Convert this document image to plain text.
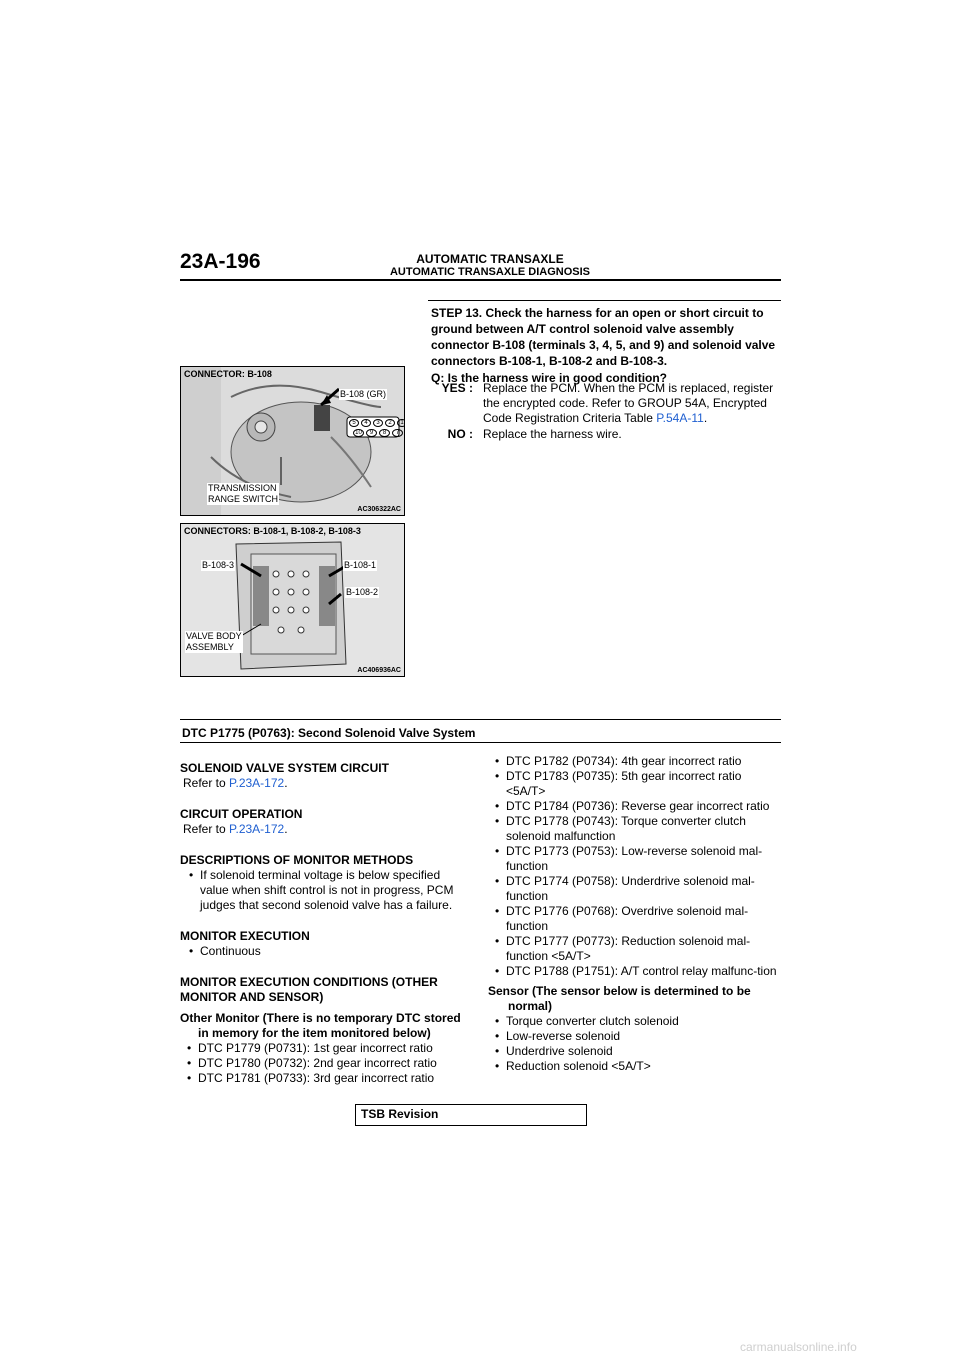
23A-196	AUTOMATIC TRANSAXLE
AUTOMATIC TRANSAXLE DIAGNOSIS
STEP 13. Check the harness for an open or short circuit to ground between A/T control solenoid valve assembly connector B-108 (terminals 3, 4, 5, and 9) and solenoid valve connectors B-108-1, B-108-2 and B-108-3.
Q: Is the harness wire in good condition?
YES : Replace the PCM. When the PCM is replaced, register the encrypted code. Refer to GROUP 54A, Encrypted Code Registration Criteria Table P.54A-11.
NO : Replace the harness wire.
CONNECTOR: B-108
B-108 (GR)
5	4	3	2	1
10	9	8	7
TRANSMISSION
RANGE SWITCH
AC306322AC
CONNECTORS: B-108-1, B-108-2, B-108-3
B-108-3	B-108-1
B-108-2
VALVE BODY
ASSEMBLY
AC406936AC
DTC P1775 (P0763): Second Solenoid Valve System
SOLENOID VALVE SYSTEM CIRCUIT
Refer to P.23A-172.
CIRCUIT OPERATION
Refer to P.23A-172.
DESCRIPTIONS OF MONITOR METHODS
• If solenoid terminal voltage is below specified value when shift control is not in progress, PCM judges that second solenoid valve has a failure.
MONITOR EXECUTION
• Continuous
MONITOR EXECUTION CONDITIONS (OTHER MONITOR AND SENSOR)
Other Monitor (There is no temporary DTC stored in memory for the item monitored below)
• DTC P1779 (P0731): 1st gear incorrect ratio
• DTC P1780 (P0732): 2nd gear incorrect ratio
• DTC P1781 (P0733): 3rd gear incorrect ratio
• DTC P1782 (P0734): 4th gear incorrect ratio
• DTC P1783 (P0735): 5th gear incorrect ratio <5A/T>
• DTC P1784 (P0736): Reverse gear incorrect ratio
• DTC P1778 (P0743): Torque converter clutch solenoid malfunction
• DTC P1773 (P0753): Low-reverse solenoid mal-function
• DTC P1774 (P0758): Underdrive solenoid mal-function
• DTC P1776 (P0768): Overdrive solenoid mal-function
• DTC P1777 (P0773): Reduction solenoid mal-function <5A/T>
• DTC P1788 (P1751): A/T control relay malfunc-tion
Sensor (The sensor below is determined to be normal)
• Torque converter clutch solenoid
• Low-reverse solenoid
• Underdrive solenoid
• Reduction solenoid <5A/T>
TSB Revision
carmanualsonline.info
